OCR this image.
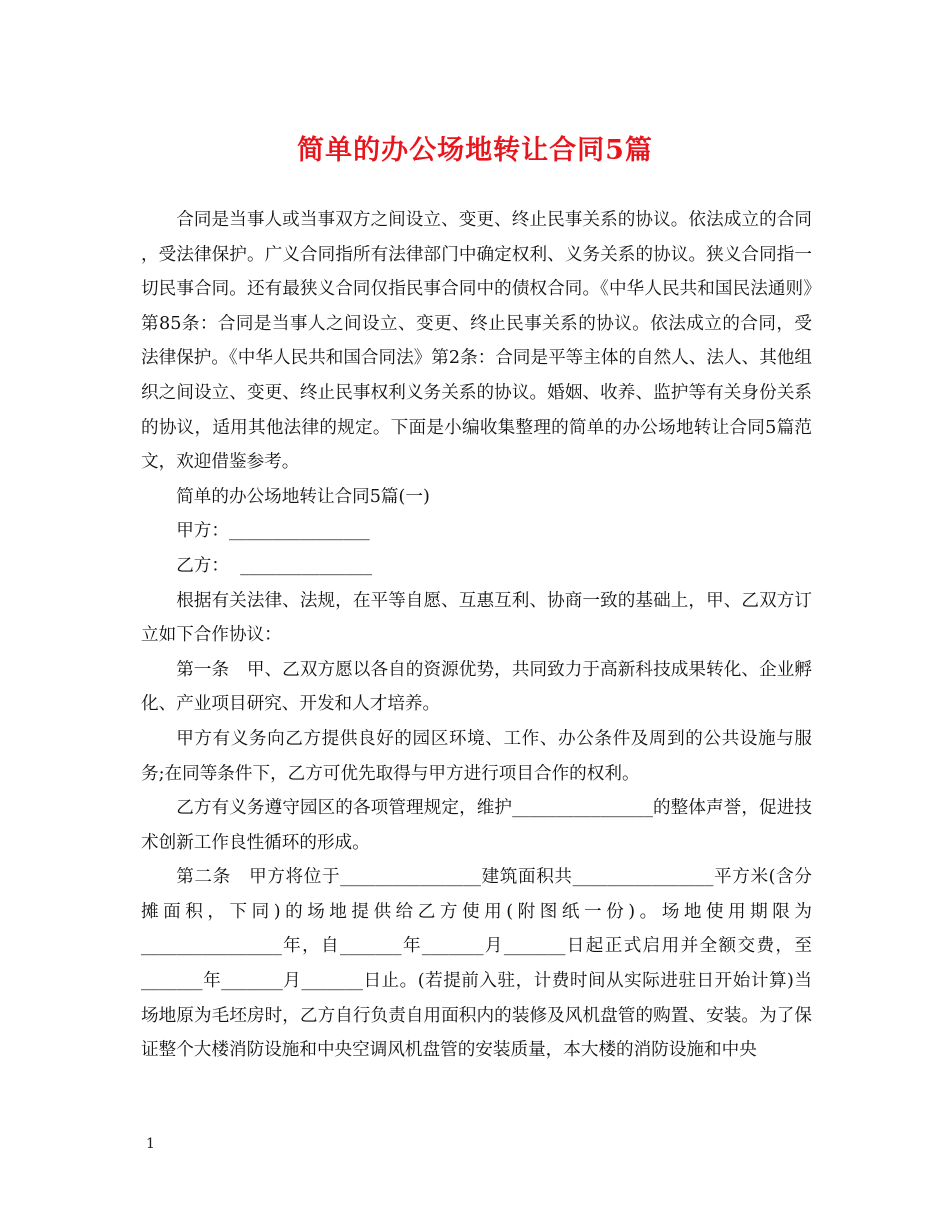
简单的办公场地转让合同5篇

合同是当事人或当事双方之间设立、变更、终止民事关系的协议。依法成立的合同 ，受法律保护。广义合同指所有法律部门中确定权利、义务关系的协议。狭义合同指一切民事合同。还有最狭义合同仅指民事合同中的债权合同。《中华人民共和国民法通则》第85条：合同是当事人之间设立、变更、终止民事关系的协议。依法成立的合同，受法律保护。《中华人民共和国合同法》第2条：合同是平等主体的自然人、法人、其他组织之间设立、变更、终止民事权利义务关系的协议。婚姻、收养、监护等有关身份关系的协议，适用其他法律的规定。下面是小编收集整理的简单的办公场地转让合同5篇范文，欢迎借鉴参考。

简单的办公场地转让合同5篇(一)

甲方：________________

乙方：  _______________

根据有关法律、法规，在平等自愿、互惠互利、协商一致的基础上，甲、乙双方订立如下合作协议：

第一条　甲、乙双方愿以各自的资源优势，共同致力于高新科技成果转化、企业孵化、产业项目研究、开发和人才培养。

甲方有义务向乙方提供良好的园区环境、工作、办公条件及周到的公共设施与服务;在同等条件下，乙方可优先取得与甲方进行项目合作的权利。

乙方有义务遵守园区的各项管理规定，维护________________的整体声誉，促进技术创新工作良性循环的形成。

第二条　甲方将位于________________建筑面积共________________平方米(含分摊面积，下同)的场地提供给乙方使用(附图纸一份)。场地使用期限为________________年，自_______年_______月_______日起正式启用并全额交费，至_______年_______月_______日止。(若提前入驻，计费时间从实际进驻日开始计算)当场地原为毛坯房时，乙方自行负责自用面积内的装修及风机盘管的购置、安装。为了保证整个大楼消防设施和中央空调风机盘管的安装质量，本大楼的消防设施和中央

1
